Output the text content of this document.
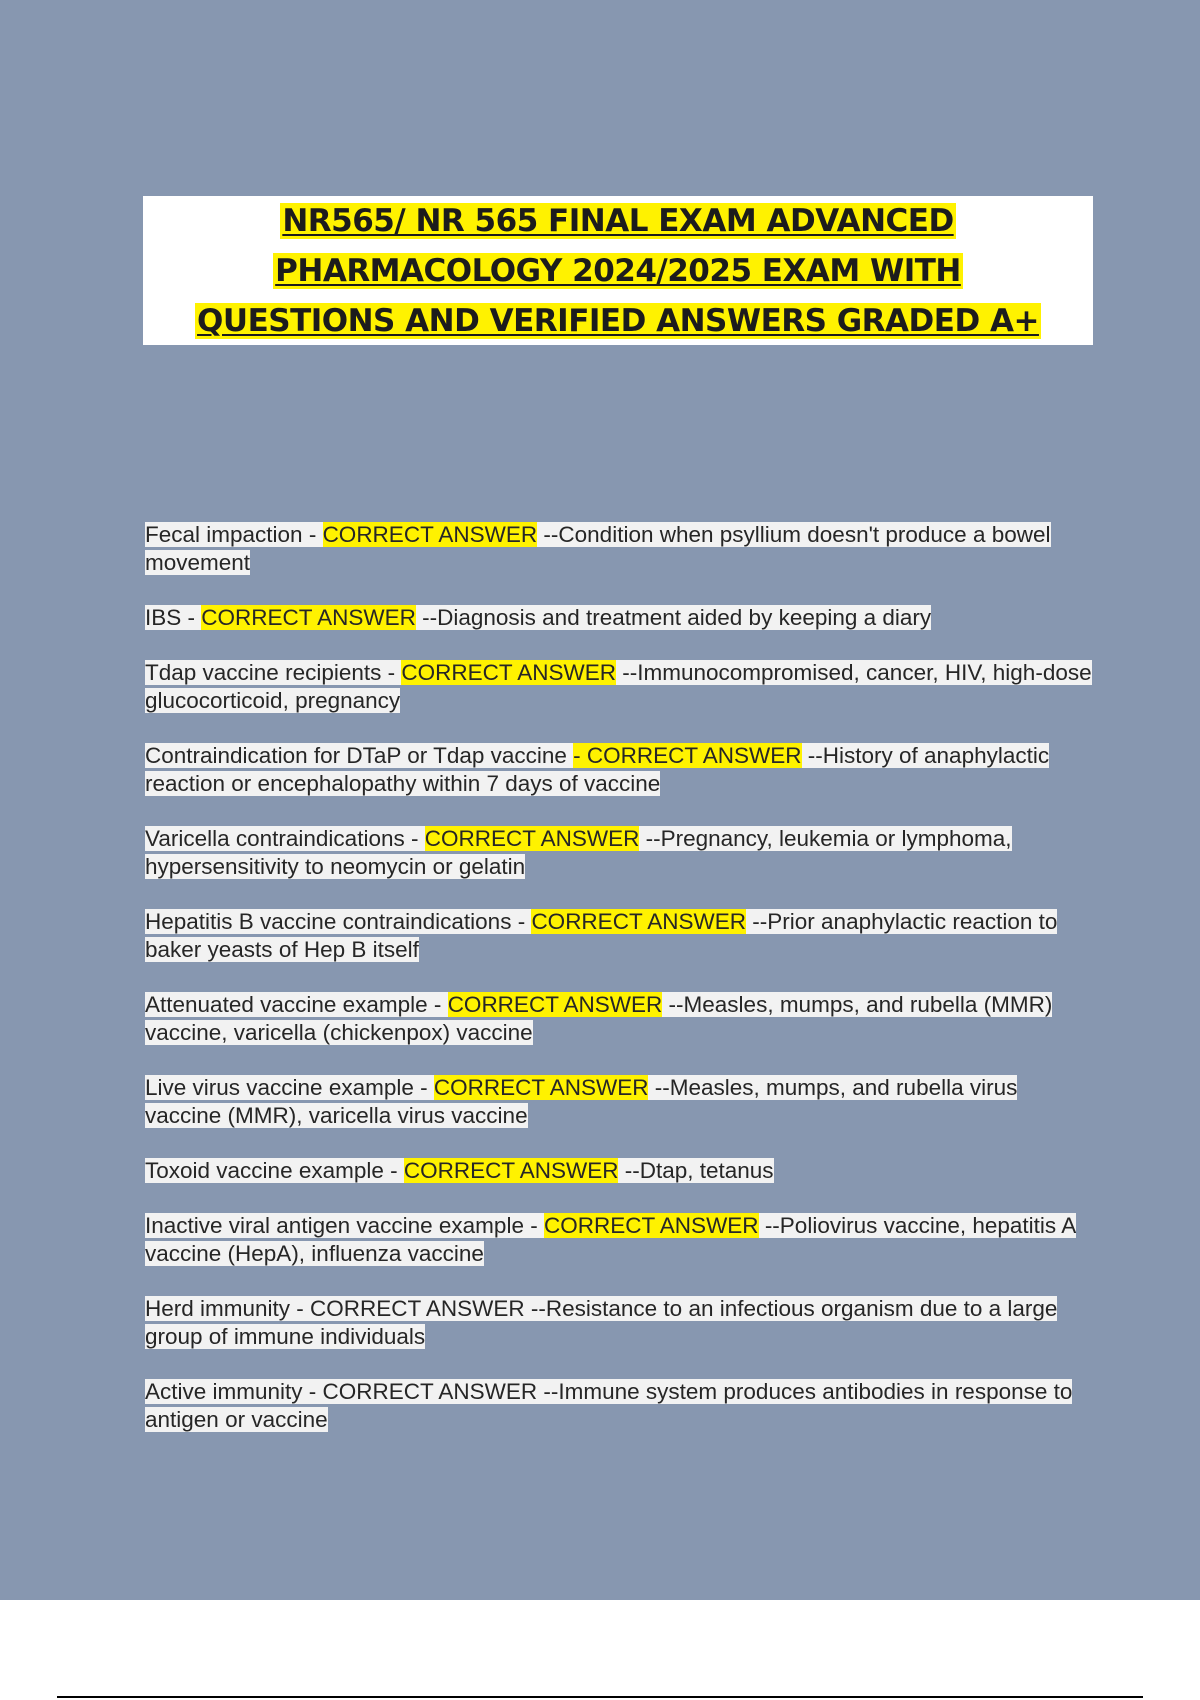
NR565/ NR 565 FINAL EXAM ADVANCED
PHARMACOLOGY 2024/2025 EXAM WITH
QUESTIONS AND VERIFIED ANSWERS GRADED A+
Fecal impaction - CORRECT ANSWER --Condition when psyllium doesn't produce a bowel movement
IBS - CORRECT ANSWER --Diagnosis and treatment aided by keeping a diary
Tdap vaccine recipients - CORRECT ANSWER --Immunocompromised, cancer, HIV, high-dose glucocorticoid, pregnancy
Contraindication for DTaP or Tdap vaccine - CORRECT ANSWER --History of anaphylactic reaction or encephalopathy within 7 days of vaccine
Varicella contraindications - CORRECT ANSWER --Pregnancy, leukemia or lymphoma, hypersensitivity to neomycin or gelatin
Hepatitis B vaccine contraindications - CORRECT ANSWER --Prior anaphylactic reaction to baker yeasts of Hep B itself
Attenuated vaccine example - CORRECT ANSWER --Measles, mumps, and rubella (MMR) vaccine, varicella (chickenpox) vaccine
Live virus vaccine example - CORRECT ANSWER --Measles, mumps, and rubella virus vaccine (MMR), varicella virus vaccine
Toxoid vaccine example - CORRECT ANSWER --Dtap, tetanus
Inactive viral antigen vaccine example - CORRECT ANSWER --Poliovirus vaccine, hepatitis A vaccine (HepA), influenza vaccine
Herd immunity - CORRECT ANSWER --Resistance to an infectious organism due to a large group of immune individuals
Active immunity - CORRECT ANSWER --Immune system produces antibodies in response to antigen or vaccine
